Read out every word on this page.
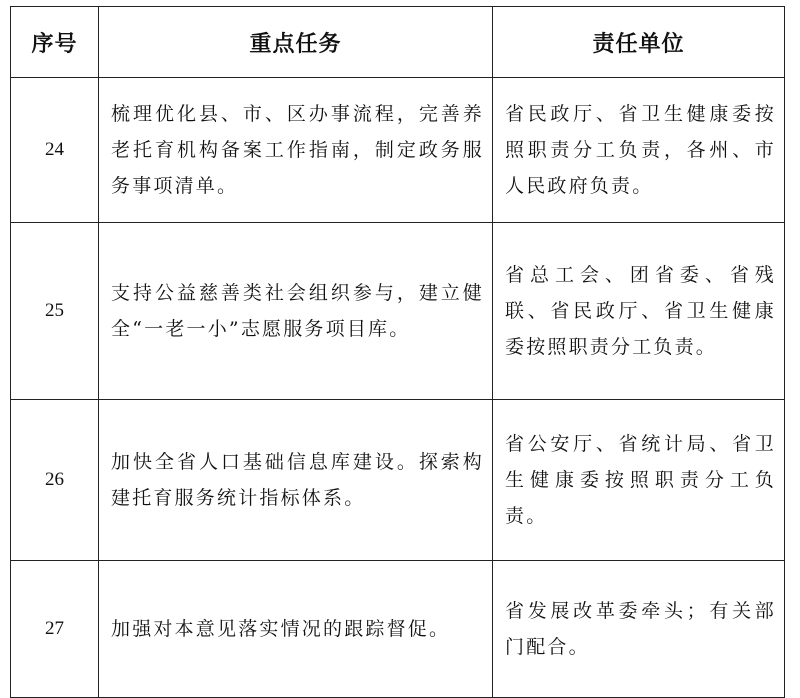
序号	重点任务	责任单位
24	梳理优化县、市、区办事流程，完善养老托育机构备案工作指南，制定政务服务事项清单。	省民政厅、省卫生健康委按照职责分工负责，各州、市人民政府负责。
25	支持公益慈善类社会组织参与，建立健全“一老一小”志愿服务项目库。	省总工会、团省委、省残联、省民政厅、省卫生健康委按照职责分工负责。
26	加快全省人口基础信息库建设。探索构建托育服务统计指标体系。	省公安厅、省统计局、省卫生健康委按照职责分工负责。
27	加强对本意见落实情况的跟踪督促。	省发展改革委牵头；有关部门配合。
